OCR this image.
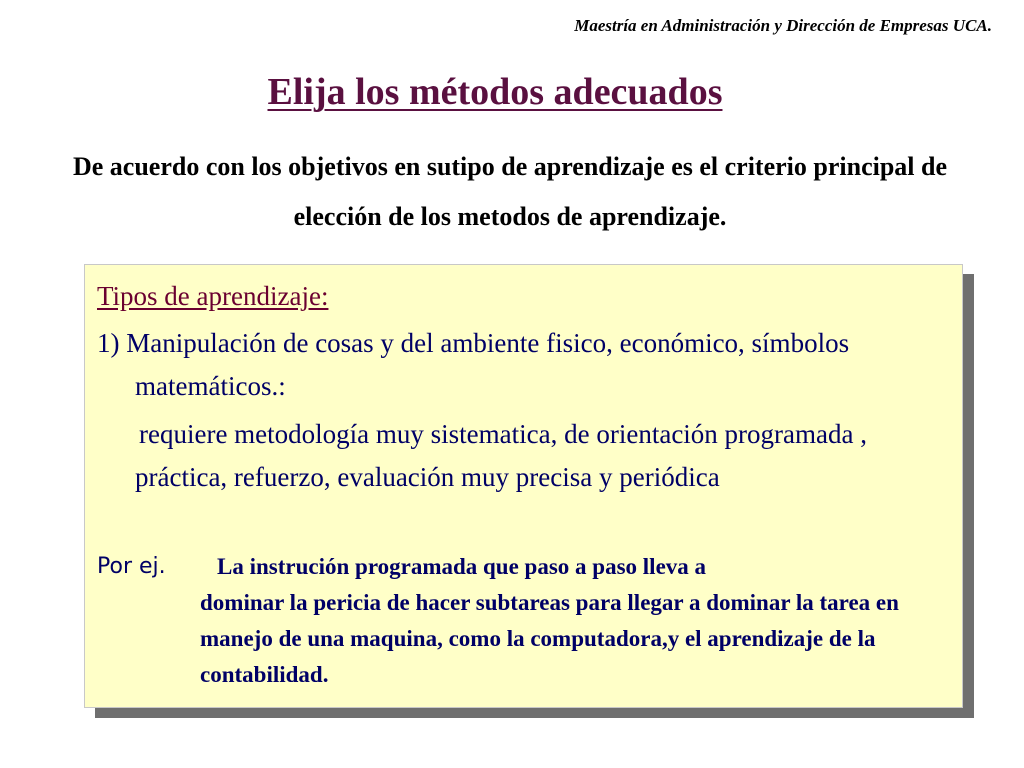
Maestría en Administración y Dirección de Empresas UCA.
Elija los métodos adecuados

De acuerdo con los objetivos en sutipo de aprendizaje es el criterio principal de elección de los metodos de aprendizaje.

Tipos de aprendizaje:
1) Manipulación de cosas y del ambiente fisico, económico, símbolos matemáticos.:
requiere metodología muy sistematica, de orientación programada , práctica, refuerzo, evaluación muy precisa y periódica
Por ej. La instrución programada que paso a paso lleva a
dominar la pericia de hacer subtareas para llegar a dominar la tarea en manejo de una maquina, como la computadora,y el aprendizaje de la contabilidad.
